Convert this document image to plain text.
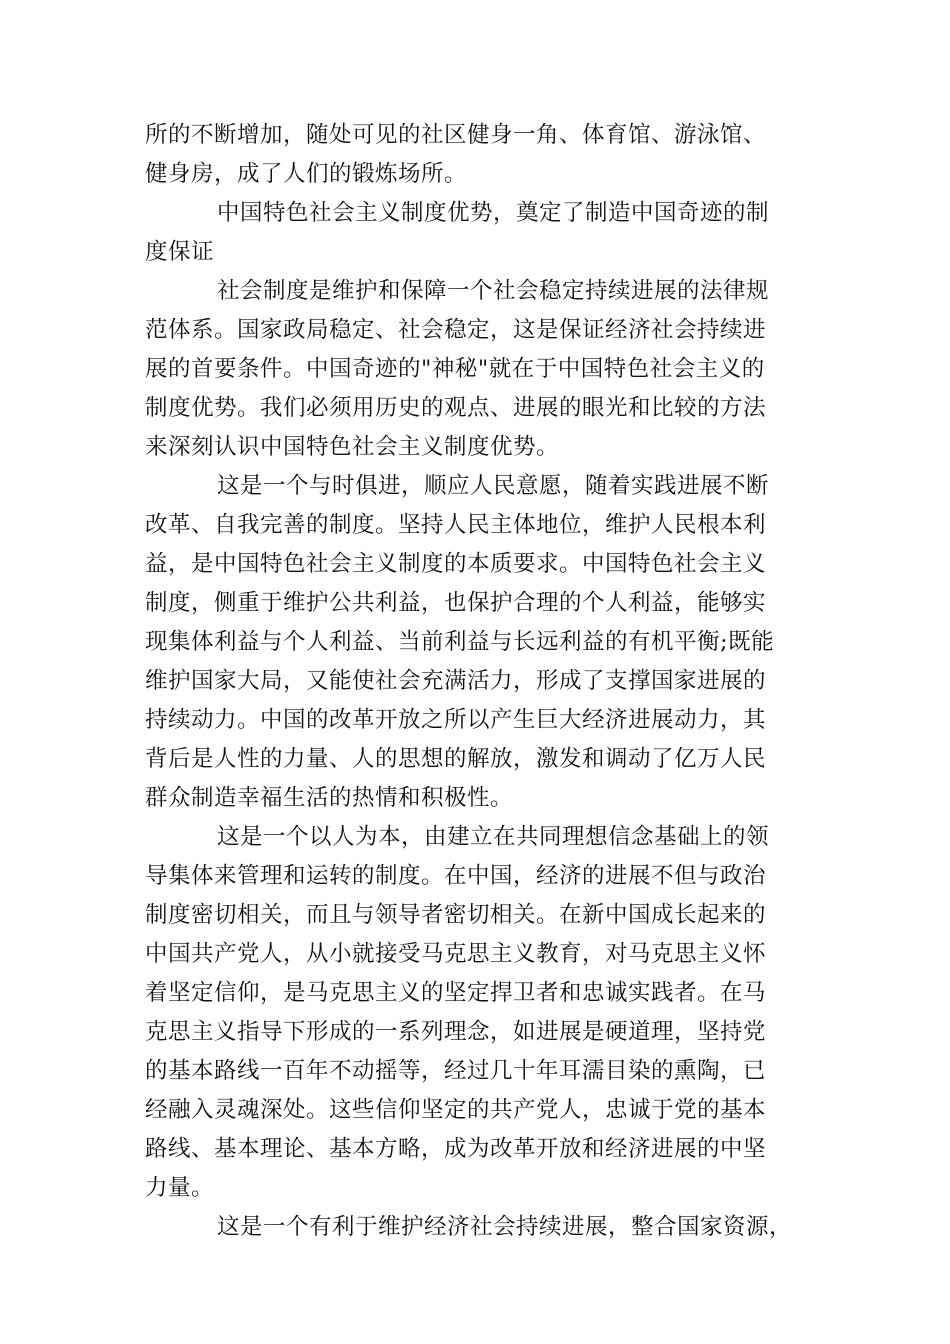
所的不断增加，随处可见的社区健身一角、体育馆、游泳馆、
健身房，成了人们的锻炼场所。
中国特色社会主义制度优势，奠定了制造中国奇迹的制
度保证
社会制度是维护和保障一个社会稳定持续进展的法律规
范体系。国家政局稳定、社会稳定，这是保证经济社会持续进
展的首要条件。中国奇迹的"神秘"就在于中国特色社会主义的
制度优势。我们必须用历史的观点、进展的眼光和比较的方法
来深刻认识中国特色社会主义制度优势。
这是一个与时俱进，顺应人民意愿，随着实践进展不断
改革、自我完善的制度。坚持人民主体地位，维护人民根本利
益，是中国特色社会主义制度的本质要求。中国特色社会主义
制度，侧重于维护公共利益，也保护合理的个人利益，能够实
现集体利益与个人利益、当前利益与长远利益的有机平衡;既能
维护国家大局，又能使社会充满活力，形成了支撑国家进展的
持续动力。中国的改革开放之所以产生巨大经济进展动力，其
背后是人性的力量、人的思想的解放，激发和调动了亿万人民
群众制造幸福生活的热情和积极性。
这是一个以人为本，由建立在共同理想信念基础上的领
导集体来管理和运转的制度。在中国，经济的进展不但与政治
制度密切相关，而且与领导者密切相关。在新中国成长起来的
中国共产党人，从小就接受马克思主义教育，对马克思主义怀
着坚定信仰，是马克思主义的坚定捍卫者和忠诚实践者。在马
克思主义指导下形成的一系列理念，如进展是硬道理，坚持党
的基本路线一百年不动摇等，经过几十年耳濡目染的熏陶，已
经融入灵魂深处。这些信仰坚定的共产党人，忠诚于党的基本
路线、基本理论、基本方略，成为改革开放和经济进展的中坚
力量。
这是一个有利于维护经济社会持续进展，整合国家资源，
